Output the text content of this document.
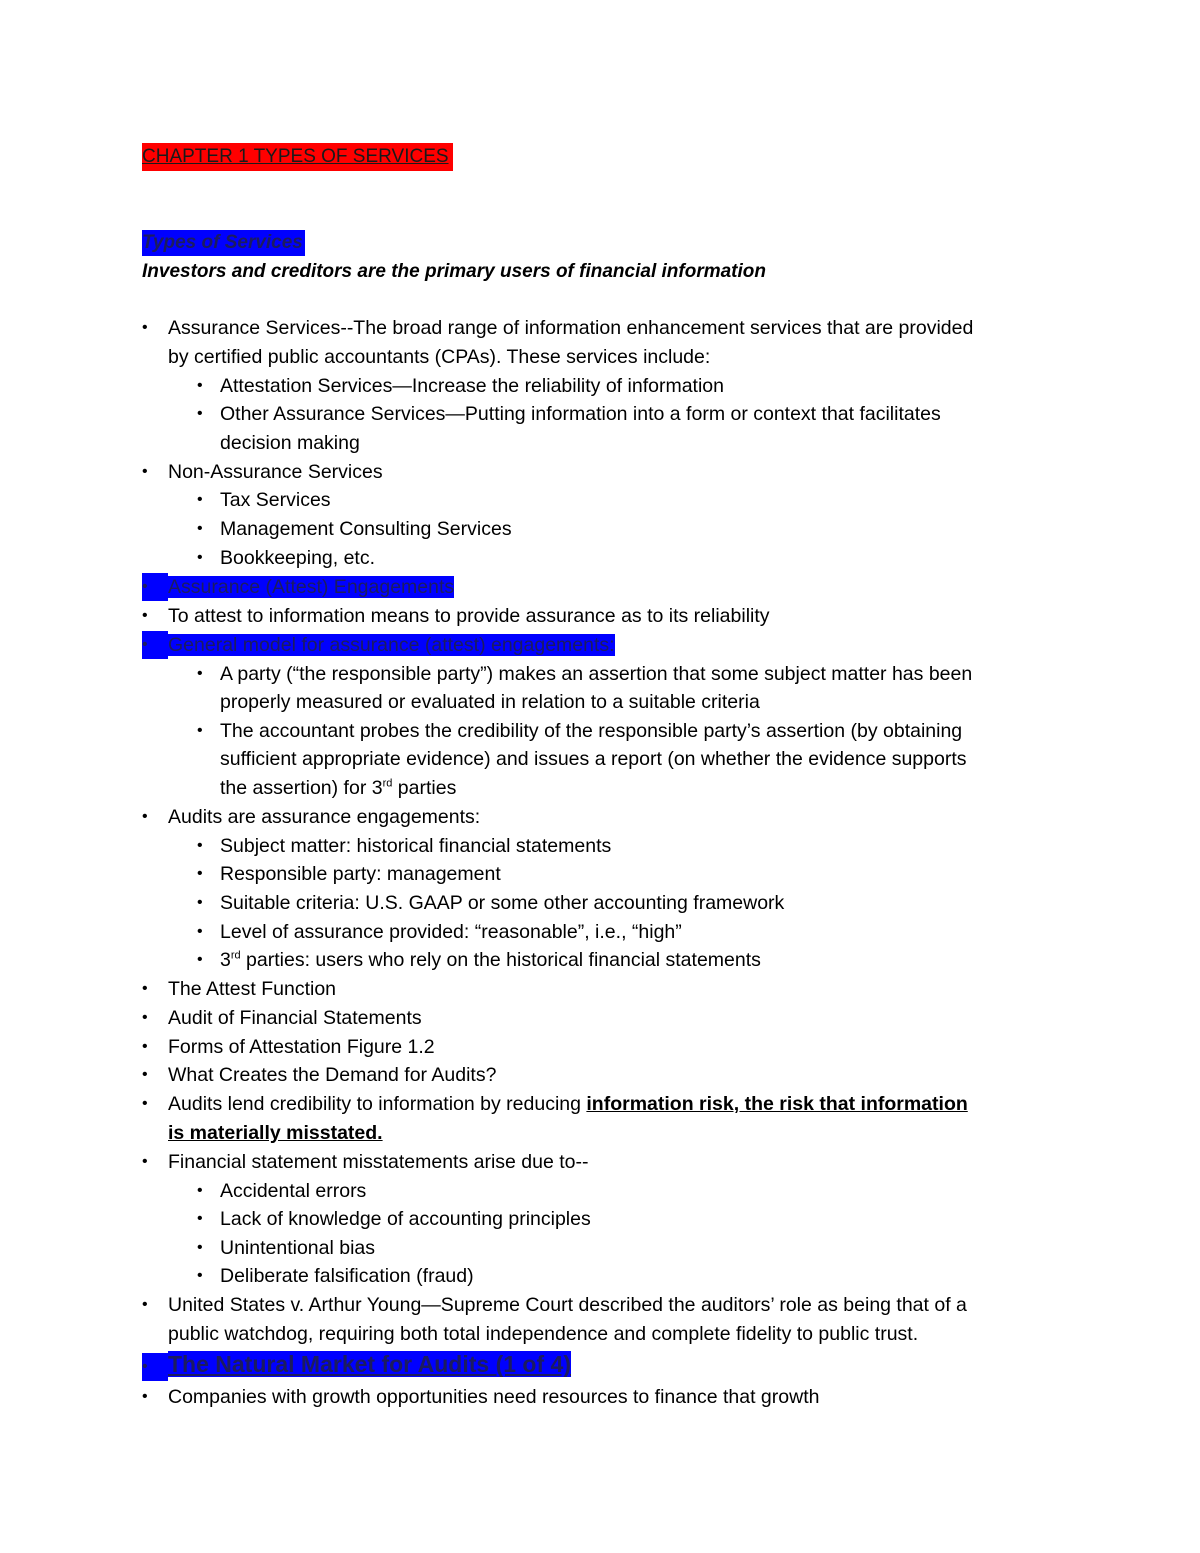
CHAPTER 1 TYPES OF SERVICES
Types of Services
Investors and creditors are the primary users of financial information
• Assurance Services--The broad range of information enhancement services that are provided
by certified public accountants (CPAs). These services include:
• Attestation Services—Increase the reliability of information
• Other Assurance Services—Putting information into a form or context that facilitates
decision making
• Non-Assurance Services
• Tax Services
• Management Consulting Services
• Bookkeeping, etc.
•	Assurance (Attest) Engagements
• To attest to information means to provide assurance as to its reliability
•	General model for assurance (attest) engagements:
• A party (“the responsible party”) makes an assertion that some subject matter has been
properly measured or evaluated in relation to a suitable criteria
• The accountant probes the credibility of the responsible party’s assertion (by obtaining
sufficient appropriate evidence) and issues a report (on whether the evidence supports
the assertion) for 3rd parties
• Audits are assurance engagements:
• Subject matter: historical financial statements
• Responsible party: management
• Suitable criteria: U.S. GAAP or some other accounting framework
• Level of assurance provided: “reasonable”, i.e., “high”
• 3rd parties: users who rely on the historical financial statements
• The Attest Function
• Audit of Financial Statements
• Forms of Attestation Figure 1.2
• What Creates the Demand for Audits?
• Audits lend credibility to information by reducing information risk, the risk that information
is materially misstated.
• Financial statement misstatements arise due to--
• Accidental errors
• Lack of knowledge of accounting principles
• Unintentional bias
• Deliberate falsification (fraud)
• United States v. Arthur Young—Supreme Court described the auditors’ role as being that of a
public watchdog, requiring both total independence and complete fidelity to public trust.
• The Natural Market for Audits (1 of 4)
• Companies with growth opportunities need resources to finance that growth
